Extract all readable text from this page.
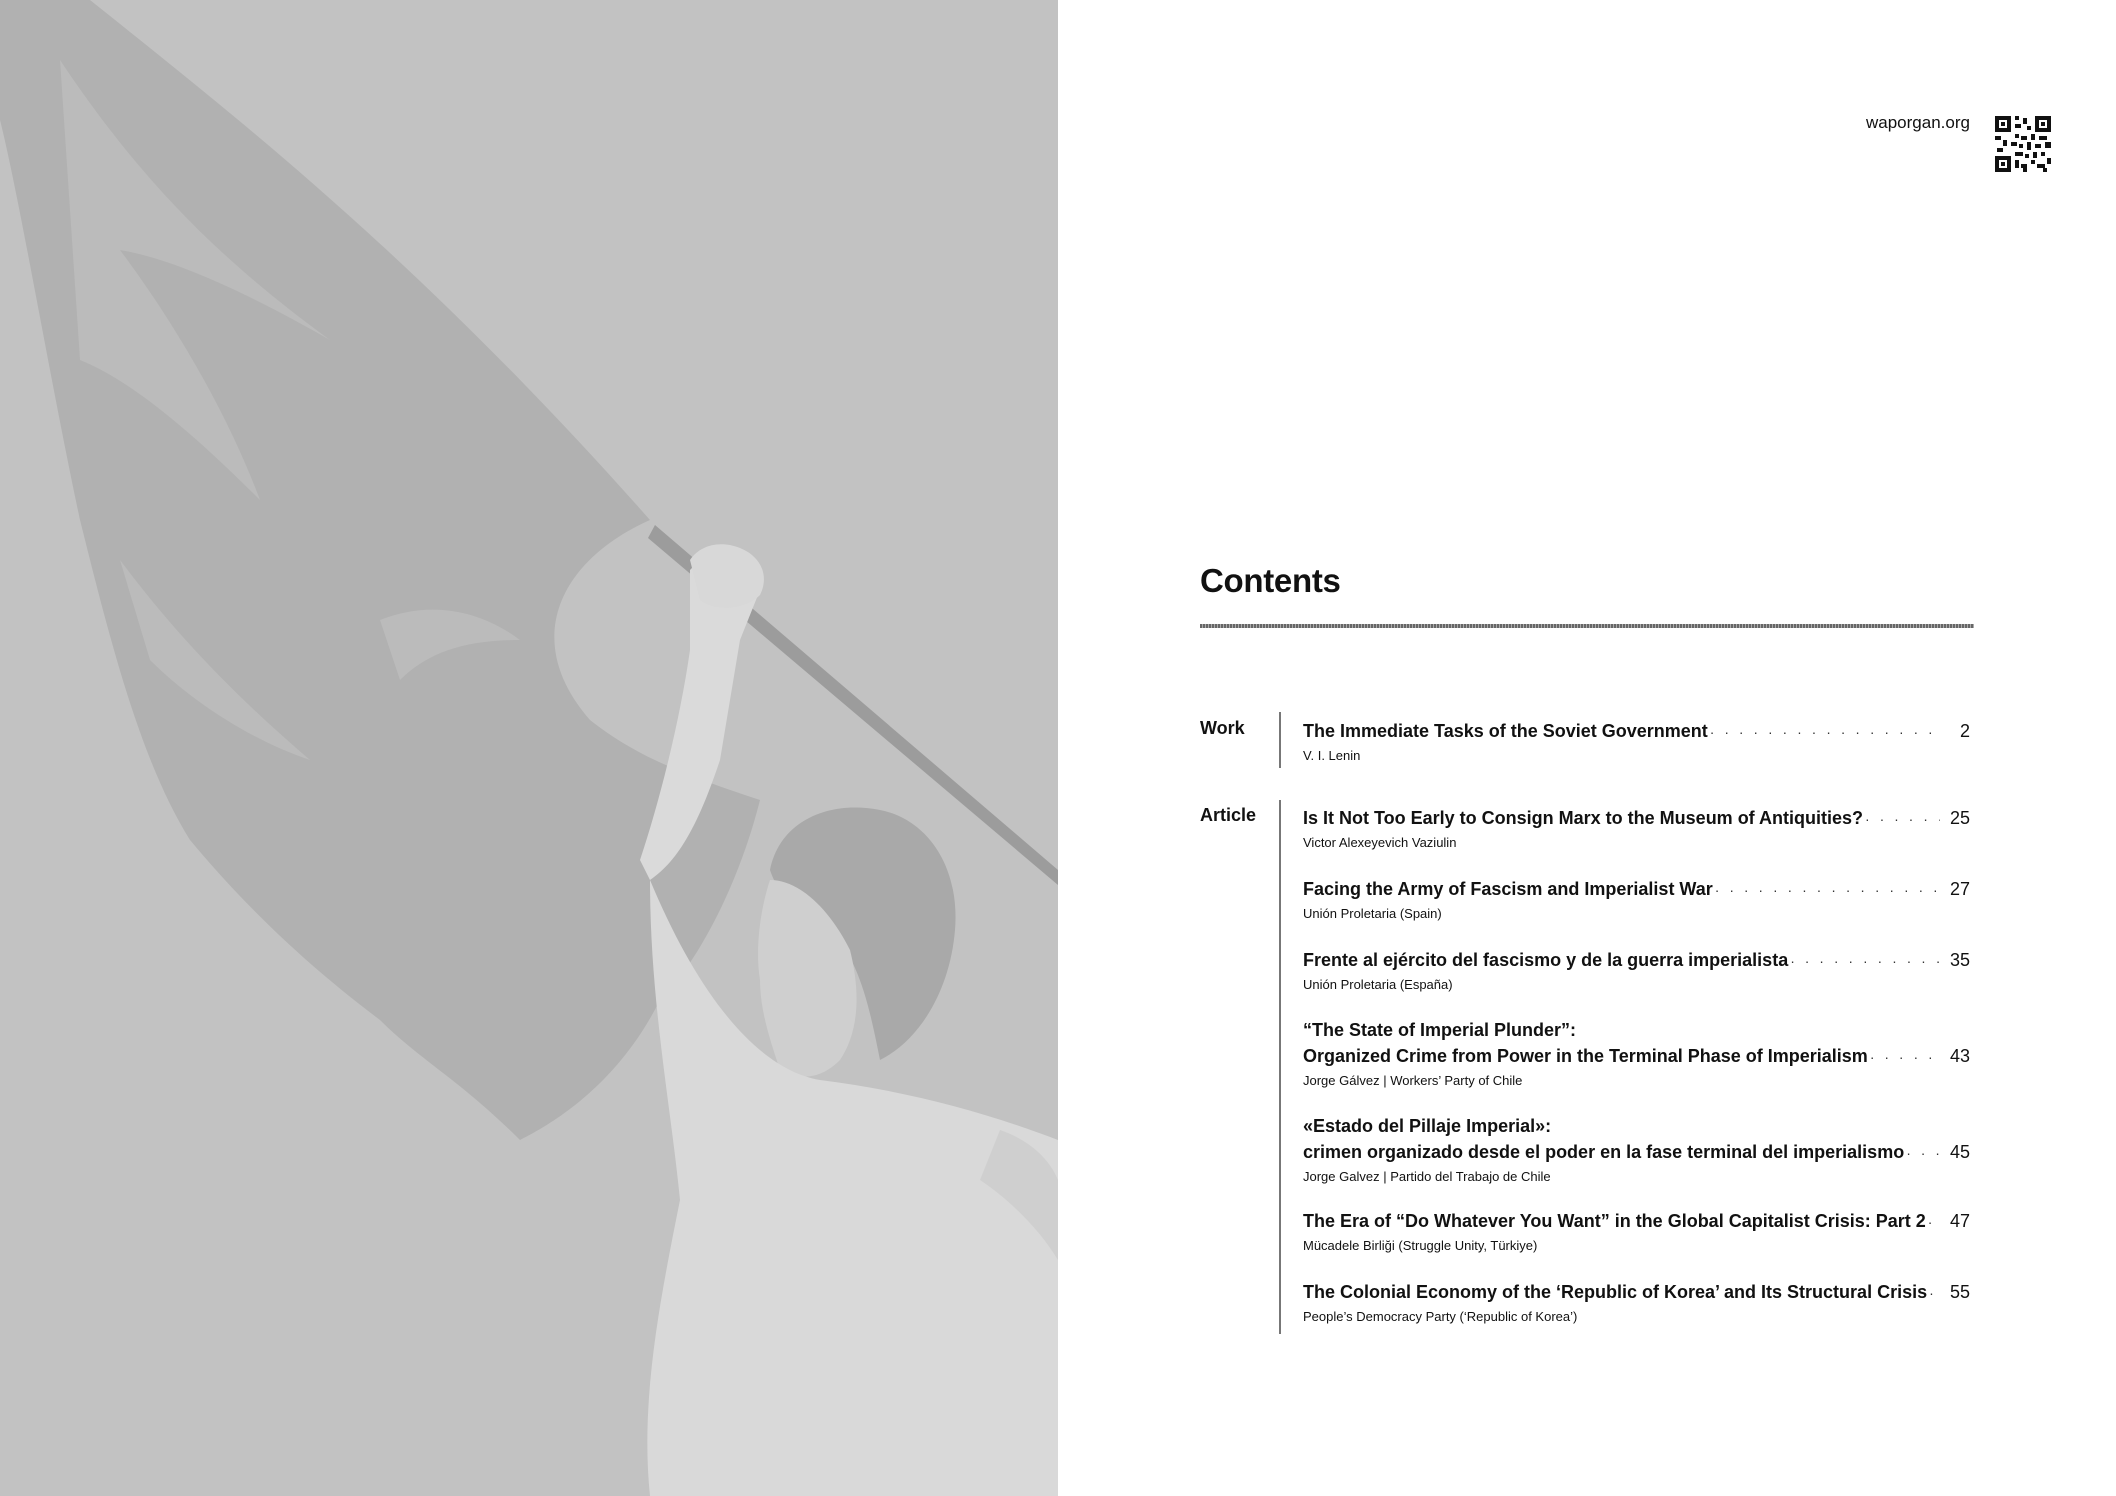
waporgan.org
Contents
Work	The Immediate Tasks of the Soviet Government · · ·	2
V. I. Lenin
Article	Is It Not Too Early to Consign Marx to the Museum of Antiquities? · · ·	25
Victor Alexeyevich Vaziulin
Facing the Army of Fascism and Imperialist War · · ·	27
Unión Proletaria (Spain)
Frente al ejército del fascismo y de la guerra imperialista · · ·	35
Unión Proletaria (España)
“The State of Imperial Plunder”:
Organized Crime from Power in the Terminal Phase of Imperialism · · ·	43
Jorge Gálvez | Workers’ Party of Chile
«Estado del Pillaje Imperial»:
crimen organizado desde el poder en la fase terminal del imperialismo · · ·	45
Jorge Galvez | Partido del Trabajo de Chile
The Era of “Do Whatever You Want” in the Global Capitalist Crisis: Part 2 · · ·	47
Mücadele Birliği (Struggle Unity, Türkiye)
The Colonial Economy of the ‘Republic of Korea’ and Its Structural Crisis · · ·	55
People’s Democracy Party (‘Republic of Korea’)
